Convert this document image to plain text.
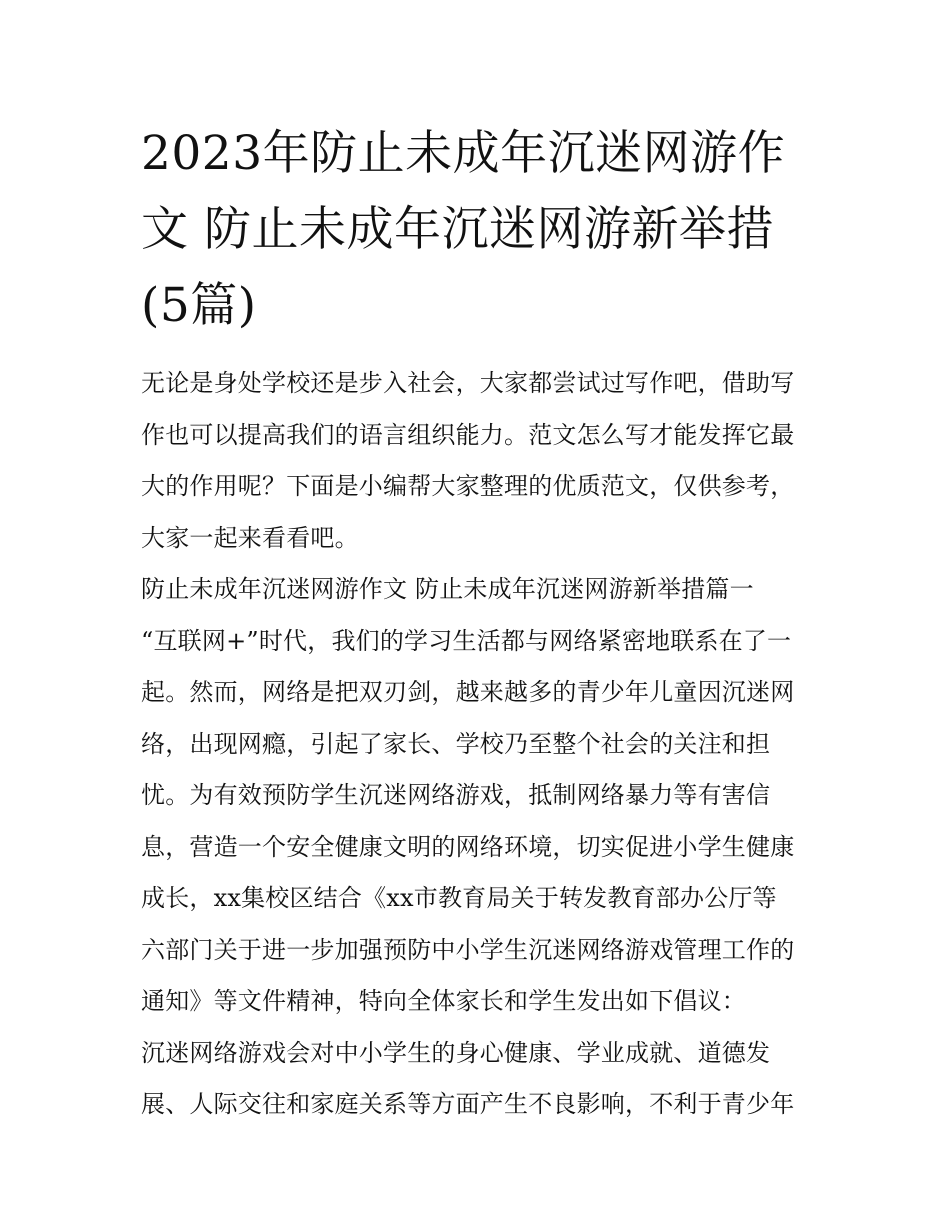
2023年防止未成年沉迷网游作
文 防止未成年沉迷网游新举措
(5篇)
无论是身处学校还是步入社会，大家都尝试过写作吧，借助写
作也可以提高我们的语言组织能力。范文怎么写才能发挥它最
大的作用呢？下面是小编帮大家整理的优质范文，仅供参考，
大家一起来看看吧。
防止未成年沉迷网游作文 防止未成年沉迷网游新举措篇一
“互联网+”时代，我们的学习生活都与网络紧密地联系在了一
起。然而，网络是把双刃剑，越来越多的青少年儿童因沉迷网
络，出现网瘾，引起了家长、学校乃至整个社会的关注和担
忧。为有效预防学生沉迷网络游戏，抵制网络暴力等有害信
息，营造一个安全健康文明的网络环境，切实促进小学生健康
成长，xx集校区结合《xx市教育局关于转发教育部办公厅等
六部门关于进一步加强预防中小学生沉迷网络游戏管理工作的
通知》等文件精神，特向全体家长和学生发出如下倡议：
沉迷网络游戏会对中小学生的身心健康、学业成就、道德发
展、人际交往和家庭关系等方面产生不良影响，不利于青少年
